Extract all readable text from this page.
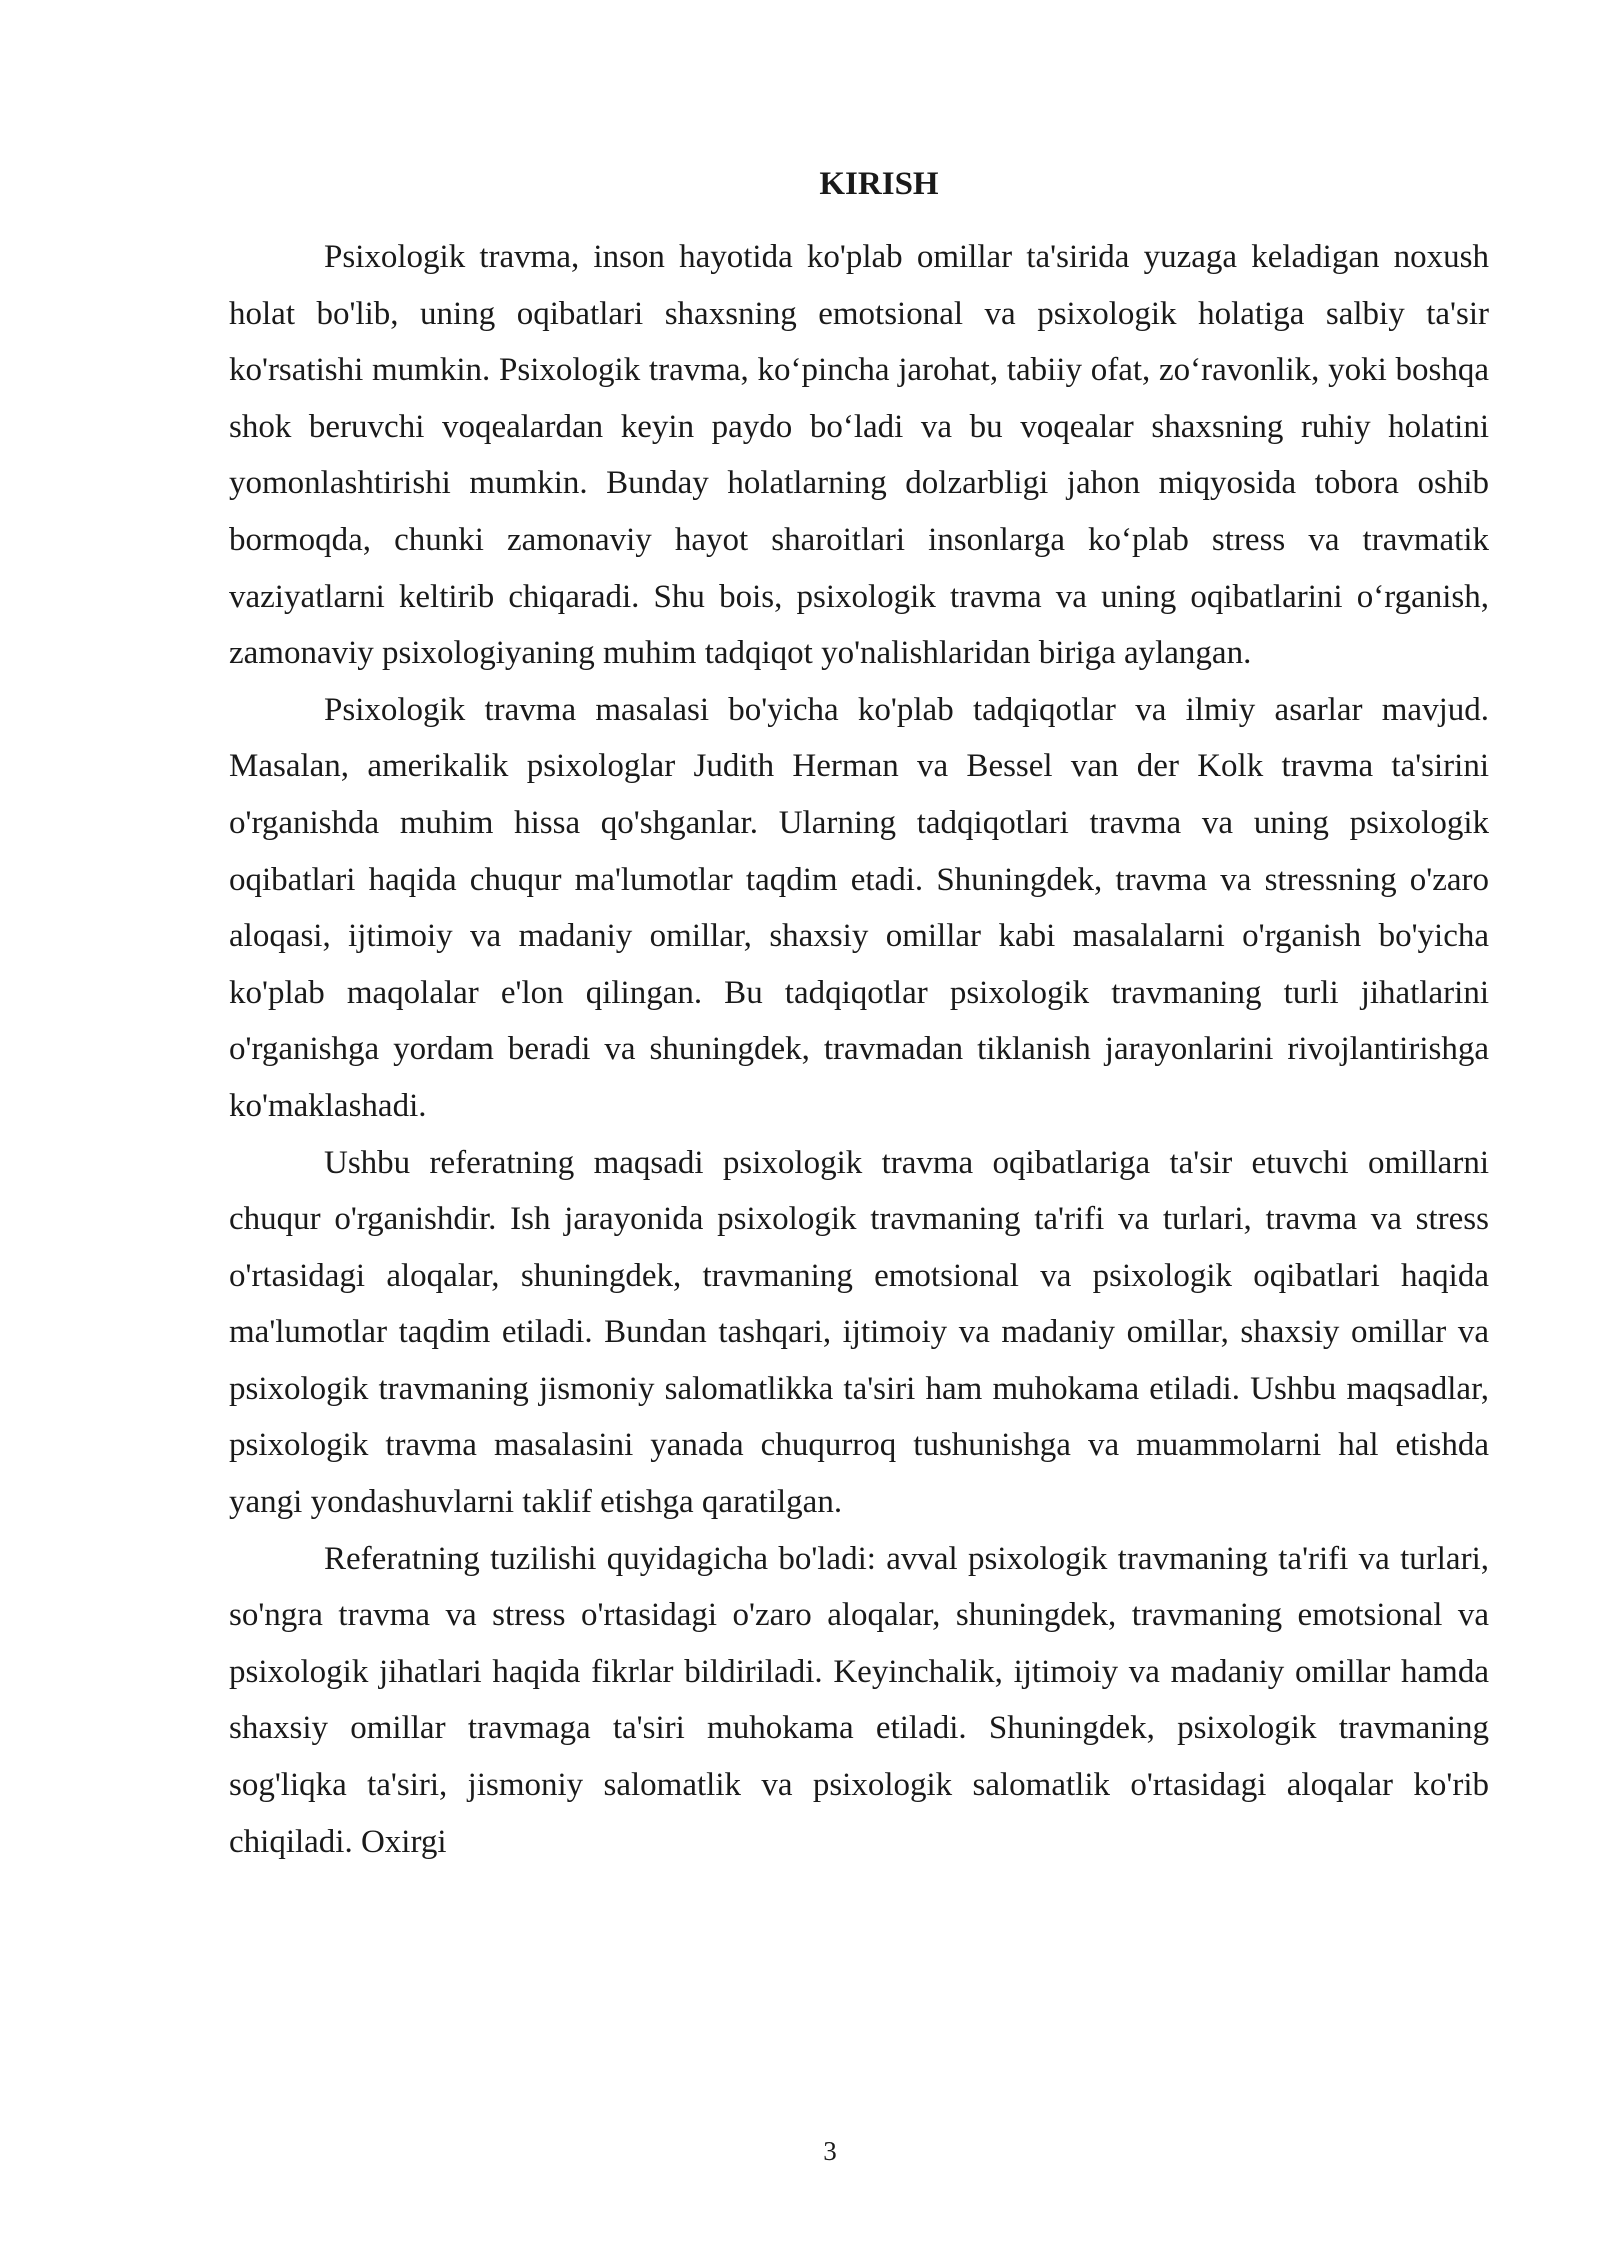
KIRISH

Psixologik travma, inson hayotida ko'plab omillar ta'sirida yuzaga keladigan noxush holat bo'lib, uning oqibatlari shaxsning emotsional va psixologik holatiga salbiy ta'sir ko'rsatishi mumkin. Psixologik travma, ko‘pincha jarohat, tabiiy ofat, zo‘ravonlik, yoki boshqa shok beruvchi voqealardan keyin paydo bo‘ladi va bu voqealar shaxsning ruhiy holatini yomonlashtirishi mumkin. Bunday holatlarning dolzarbligi jahon miqyosida tobora oshib bormoqda, chunki zamonaviy hayot sharoitlari insonlarga ko‘plab stress va travmatik vaziyatlarni keltirib chiqaradi. Shu bois, psixologik travma va uning oqibatlarini o‘rganish, zamonaviy psixologiyaning muhim tadqiqot yo'nalishlaridan biriga aylangan.

Psixologik travma masalasi bo'yicha ko'plab tadqiqotlar va ilmiy asarlar mavjud. Masalan, amerikalik psixologlar Judith Herman va Bessel van der Kolk travma ta'sirini o'rganishda muhim hissa qo'shganlar. Ularning tadqiqotlari travma va uning psixologik oqibatlari haqida chuqur ma'lumotlar taqdim etadi. Shuningdek, travma va stressning o'zaro aloqasi, ijtimoiy va madaniy omillar, shaxsiy omillar kabi masalalarni o'rganish bo'yicha ko'plab maqolalar e'lon qilingan. Bu tadqiqotlar psixologik travmaning turli jihatlarini o'rganishga yordam beradi va shuningdek, travmadan tiklanish jarayonlarini rivojlantirishga ko'maklashadi.

Ushbu referatning maqsadi psixologik travma oqibatlariga ta'sir etuvchi omillarni chuqur o'rganishdir. Ish jarayonida psixologik travmaning ta'rifi va turlari, travma va stress o'rtasidagi aloqalar, shuningdek, travmaning emotsional va psixologik oqibatlari haqida ma'lumotlar taqdim etiladi. Bundan tashqari, ijtimoiy va madaniy omillar, shaxsiy omillar va psixologik travmaning jismoniy salomatlikka ta'siri ham muhokama etiladi. Ushbu maqsadlar, psixologik travma masalasini yanada chuqurroq tushunishga va muammolarni hal etishda yangi yondashuvlarni taklif etishga qaratilgan.

Referatning tuzilishi quyidagicha bo'ladi: avval psixologik travmaning ta'rifi va turlari, so'ngra travma va stress o'rtasidagi o'zaro aloqalar, shuningdek, travmaning emotsional va psixologik jihatlari haqida fikrlar bildiriladi. Keyinchalik, ijtimoiy va madaniy omillar hamda shaxsiy omillar travmaga ta'siri muhokama etiladi. Shuningdek, psixologik travmaning sog'liqka ta'siri, jismoniy salomatlik va psixologik salomatlik o'rtasidagi aloqalar ko'rib chiqiladi. Oxirgi

3
